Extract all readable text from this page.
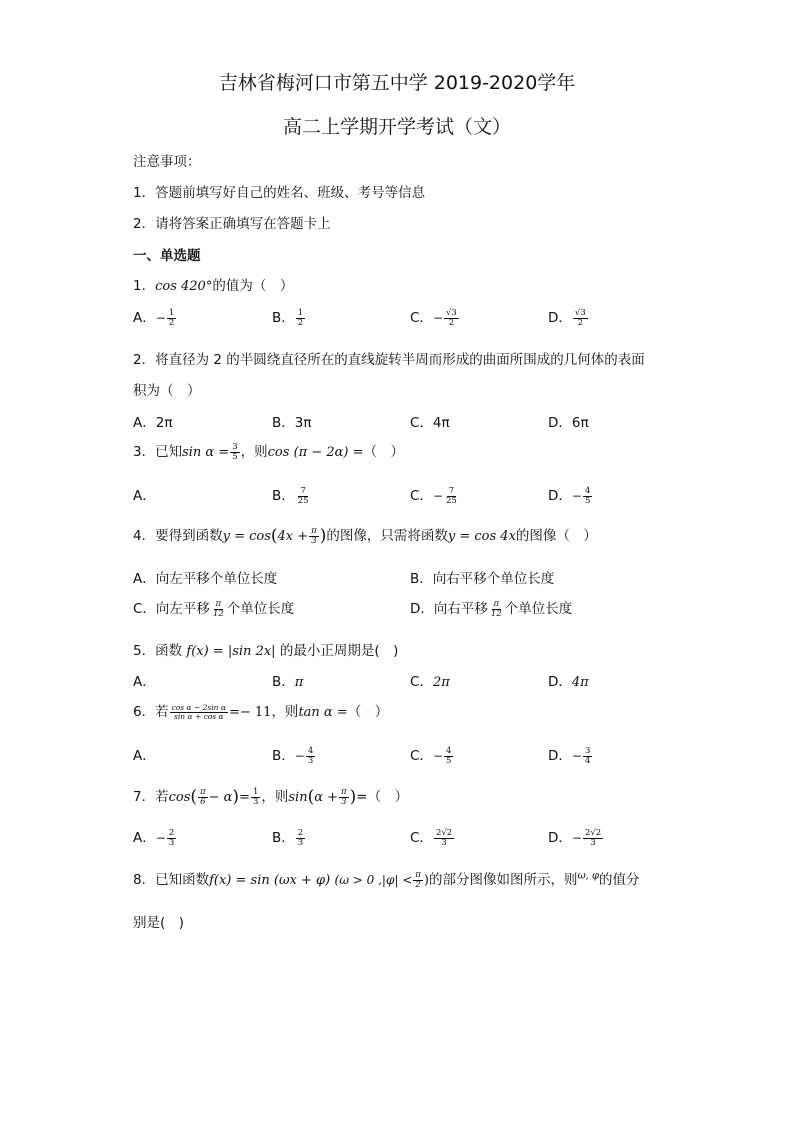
吉林省梅河口市第五中学 2019-2020学年
高二上学期开学考试（文）
注意事项：
1．答题前填写好自己的姓名、班级、考号等信息
2．请将答案正确填写在答题卡上
一、单选题
1．cos 420°的值为（　）
A．− $\frac{1}{2}$	B． $\frac{1}{2}$	C．− $\frac{√3}{2}$	D． $\frac{√3}{2}$
2．将直径为 2 的半圆绕直径所在的直线旋转半周而形成的曲面所围成的几何体的表面
积为（　）
A．2π	B．3π	C．4π	D．6π
3．已知$\sin \alpha = \frac{3}{5}$ ，则cos (π − 2α) =（　）
A．	B． $\frac{7}{25}$	C．− $\frac{7}{25}$	D．− $\frac{4}{5}$
4．要得到函数$y = \cos(4x + \frac{\pi}{3}$ )的图像，只需将函数y = cos 4x的图像（　）
A．向左平移个单位长度	B．向右平移个单位长度
C．向左平移 $\frac{\pi}{12}$ 个单位长度	D．向右平移 $\frac{\pi}{12}$ 个单位长度
5．函数 f(x) = |sin 2x| 的最小正周期是(　)
A．	B．π	C．2π	D．4π
6．若 $\frac{\text{cos α − 2sin α}}{\text{sin α + cos α}} =- 11$，则tan α =（　）
A．	B．− $\frac{4}{3}$	C．− $\frac{4}{5}$	D．− $\frac{3}{4}$
7．若$\cos( \frac{\pi}{6} - \alpha)= \frac{1}{3}$ ，则$\sin(\alpha + \frac{\pi}{3}$ )=（　）
A．− $\frac{2}{3}$	B． $\frac{2}{3}$	C． $\frac{2√2}{3}$	D．− $\frac{2√2}{3}$
8．已知函数f(x) = sin (ωx + φ) (ω > 0 $,|\varphi| < \frac{\pi}{2}$ )的部分图像如图所示，则$^{\omega, \varphi}$的值分
别是(　)
